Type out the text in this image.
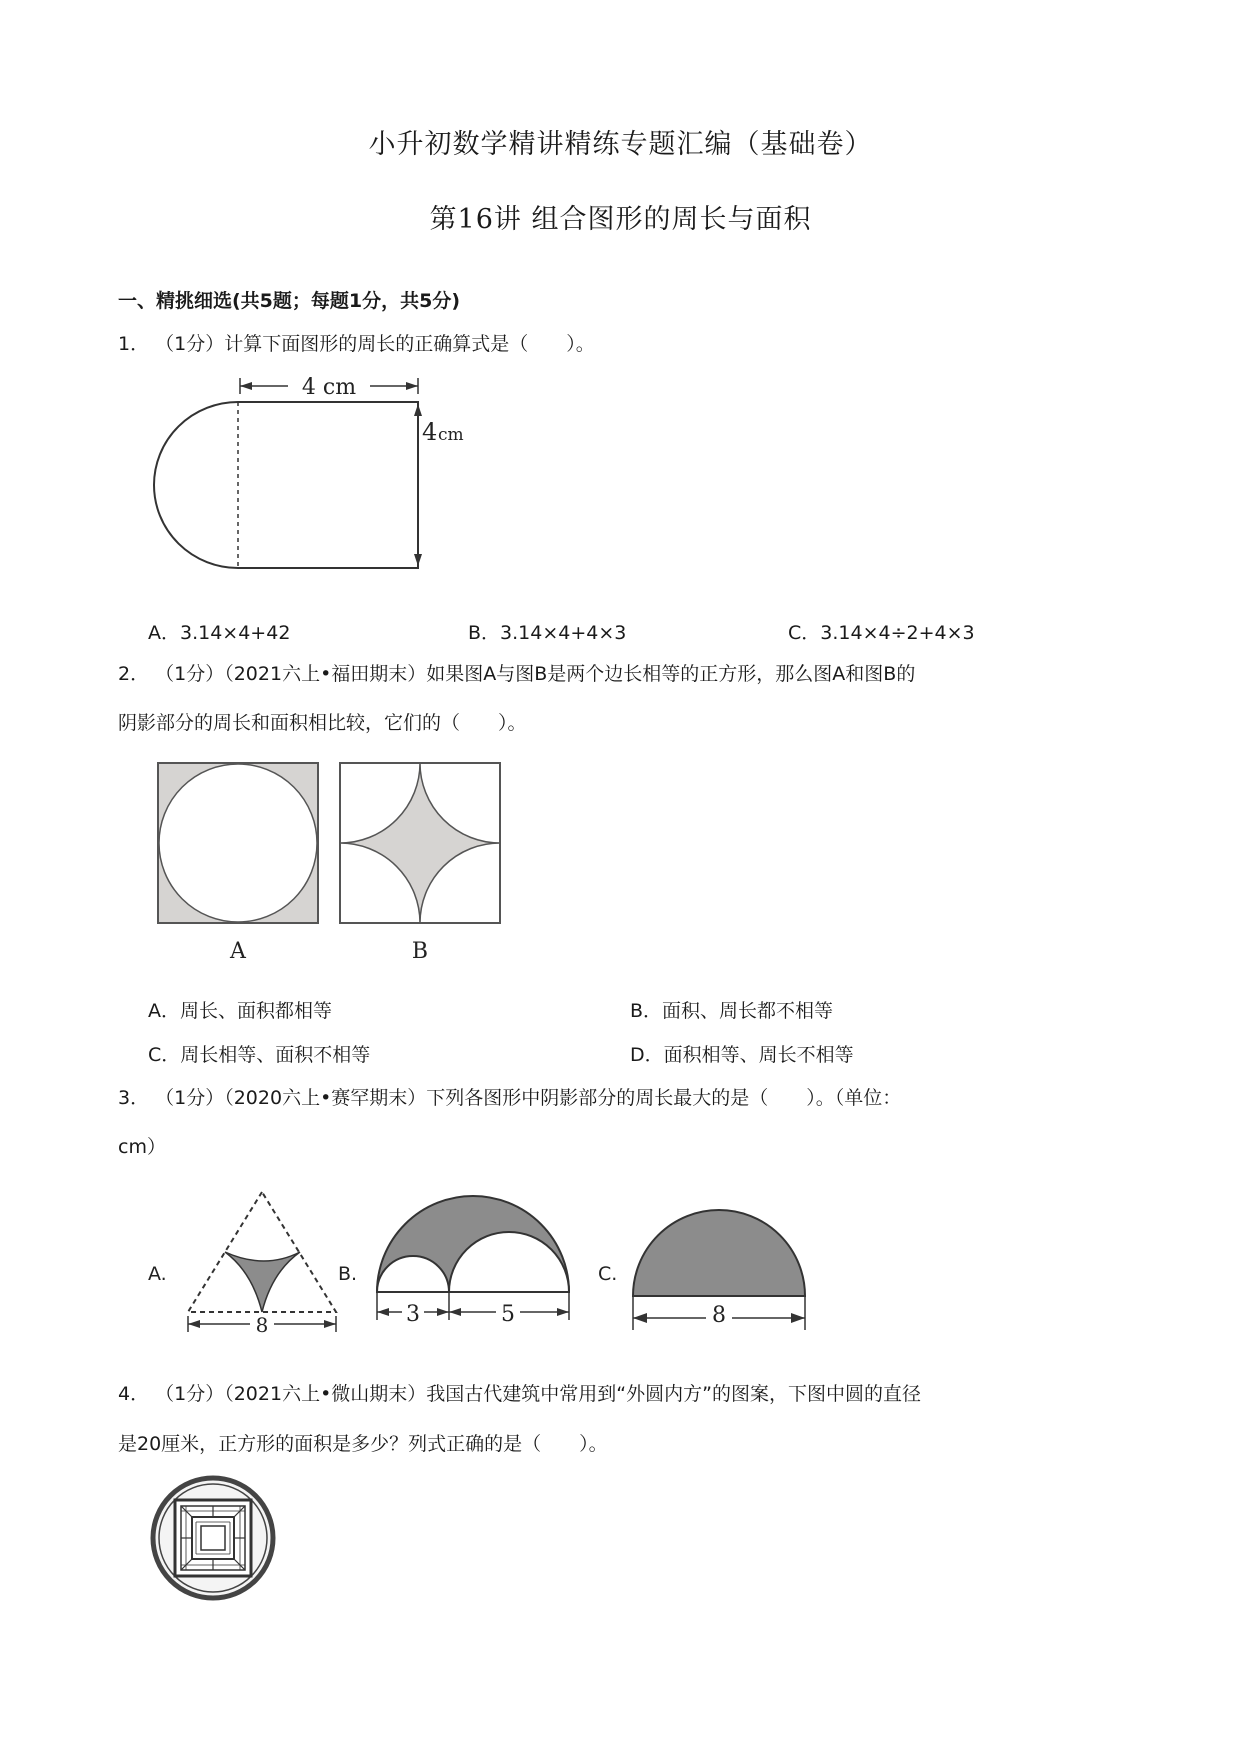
小升初数学精讲精练专题汇编（基础卷）
第16讲 组合图形的周长与面积
一、精挑细选(共5题；每题1分，共5分)
1． （1分）计算下面图形的周长的正确算式是（　　）。
4 cm
4 cm
A．3.14×4+42	B．3.14×4+4×3	C．3.14×4÷2+4×3
2． （1分）（2021六上•福田期末）如果图A与图B是两个边长相等的正方形，那么图A和图B的
阴影部分的周长和面积相比较，它们的（　　）。
A	B
A．周长、面积都相等	B．面积、周长都不相等
C．周长相等、面积不相等	D．面积相等、周长不相等
3． （1分）（2020六上•赛罕期末）下列各图形中阴影部分的周长最大的是（　　）。（单位：
cm）
A.
8
B.
3	5
C.
8
4． （1分）（2021六上•微山期末）我国古代建筑中常用到“外圆内方”的图案，下图中圆的直径
是20厘米，正方形的面积是多少？列式正确的是（　　）。
